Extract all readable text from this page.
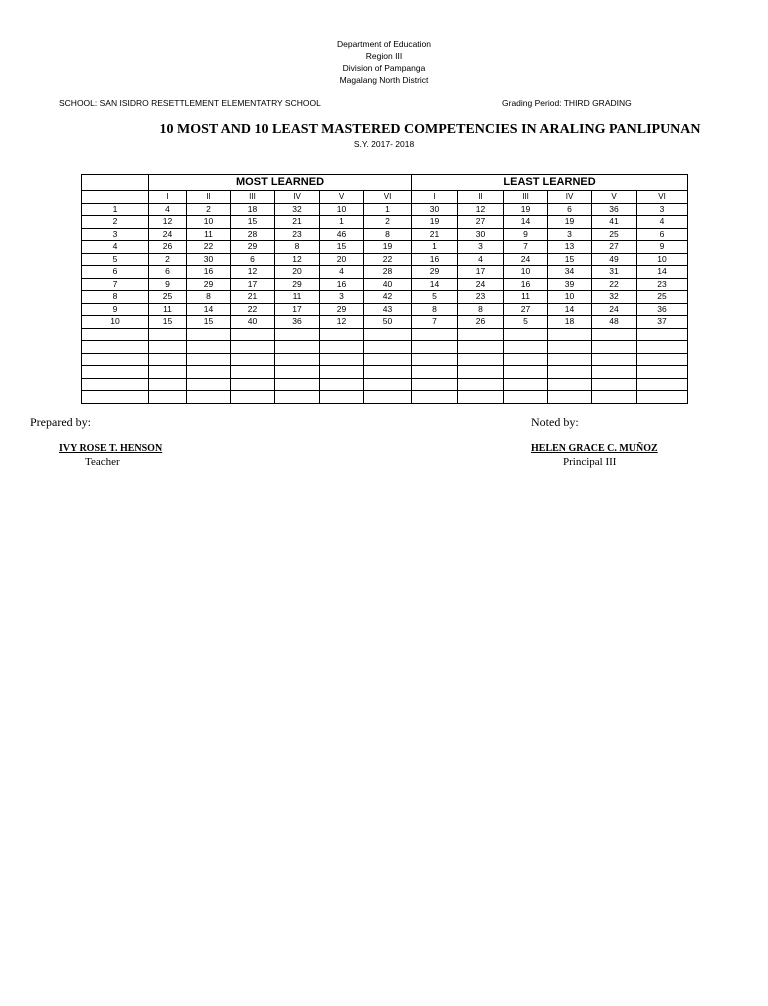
Department of Education
Region III
Division of Pampanga
Magalang North District
SCHOOL: SAN ISIDRO RESETTLEMENT ELEMENTATRY SCHOOL	Grading Period: THIRD GRADING
10 MOST AND 10 LEAST MASTERED COMPETENCIES IN ARALING PANLIPUNAN
S.Y. 2017- 2018
	MOST LEARNED						LEAST LEARNED					
	I	II	III	IV	V	VI	I	II	III	IV	V	VI
1	4	2	18	32	10	1	30	12	19	6	36	3
2	12	10	15	21	1	2	19	27	14	19	41	4
3	24	11	28	23	46	8	21	30	9	3	25	6
4	26	22	29	8	15	19	1	3	7	13	27	9
5	2	30	6	12	20	22	16	4	24	15	49	10
6	6	16	12	20	4	28	29	17	10	34	31	14
7	9	29	17	29	16	40	14	24	16	39	22	23
8	25	8	21	11	3	42	5	23	11	10	32	25
9	11	14	22	17	29	43	8	8	27	14	24	36
10	15	15	40	36	12	50	7	26	5	18	48	37

Prepared by:
IVY ROSE T. HENSON
Teacher
Noted by:
HELEN GRACE C. MUÑOZ
Principal III
